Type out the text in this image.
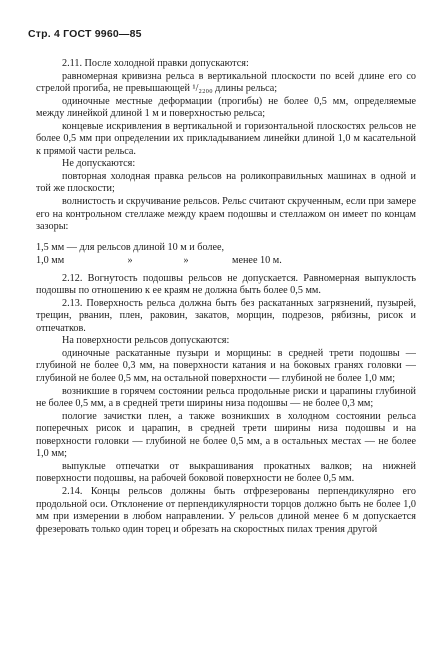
Стр. 4 ГОСТ 9960—85

2.11. После холодной правки допускаются:

равномерная кривизна рельса в вертикальной плоскости по всей длине его со стрелой прогиба, не превышающей ¹/₂₂₀₀ длины рельса;

одиночные местные деформации (прогибы) не более 0,5 мм, определяемые между линейкой длиной 1 м и поверхностью рельса;

концевые искривления в вертикальной и горизонтальной плоскостях рельсов не более 0,5 мм при определении их прикладыванием линейки длиной 1,0 м касательной к прямой части рельса.

Не допускаются:

повторная холодная правка рельсов на роликоправильных машинах в одной и той же плоскости;

волнистость и скручивание рельсов. Рельс считают скрученным, если при замере его на контрольном стеллаже между краем подошвы и стеллажом он имеет по концам зазоры:

1,5 мм — для рельсов длиной 10 м и более,
1,0 мм	»	»	менее 10 м.

2.12. Вогнутость подошвы рельсов не допускается. Равномерная выпуклость подошвы по отношению к ее краям не должна быть более 0,5 мм.

2.13. Поверхность рельса должна быть без раскатанных загрязнений, пузырей, трещин, рванин, плен, раковин, закатов, морщин, подрезов, рябизны, рисок и отпечатков.

На поверхности рельсов допускаются:

одиночные раскатанные пузыри и морщины: в средней трети подошвы — глубиной не более 0,3 мм, на поверхности катания и на боковых гранях головки — глубиной не более 0,5 мм, на остальной поверхности — глубиной не более 1,0 мм;

возникшие в горячем состоянии рельса продольные риски и царапины глубиной не более 0,5 мм, а в средней трети ширины низа подошвы — не более 0,3 мм;

пологие зачистки плен, а также возникших в холодном состоянии рельса поперечных рисок и царапин, в средней трети ширины низа подошвы и на поверхности головки — глубиной не более 0,5 мм, а в остальных местах — не более 1,0 мм;

выпуклые отпечатки от выкрашивания прокатных валков; на нижней поверхности подошвы, на рабочей боковой поверхности не более 0,5 мм.

2.14. Концы рельсов должны быть отфрезерованы перпендикулярно его продольной оси. Отклонение от перпендикулярности торцов должно быть не более 1,0 мм при измерении в любом направлении. У рельсов длиной менее 6 м допускается фрезеровать только один торец и обрезать на скоростных пилах трения другой
